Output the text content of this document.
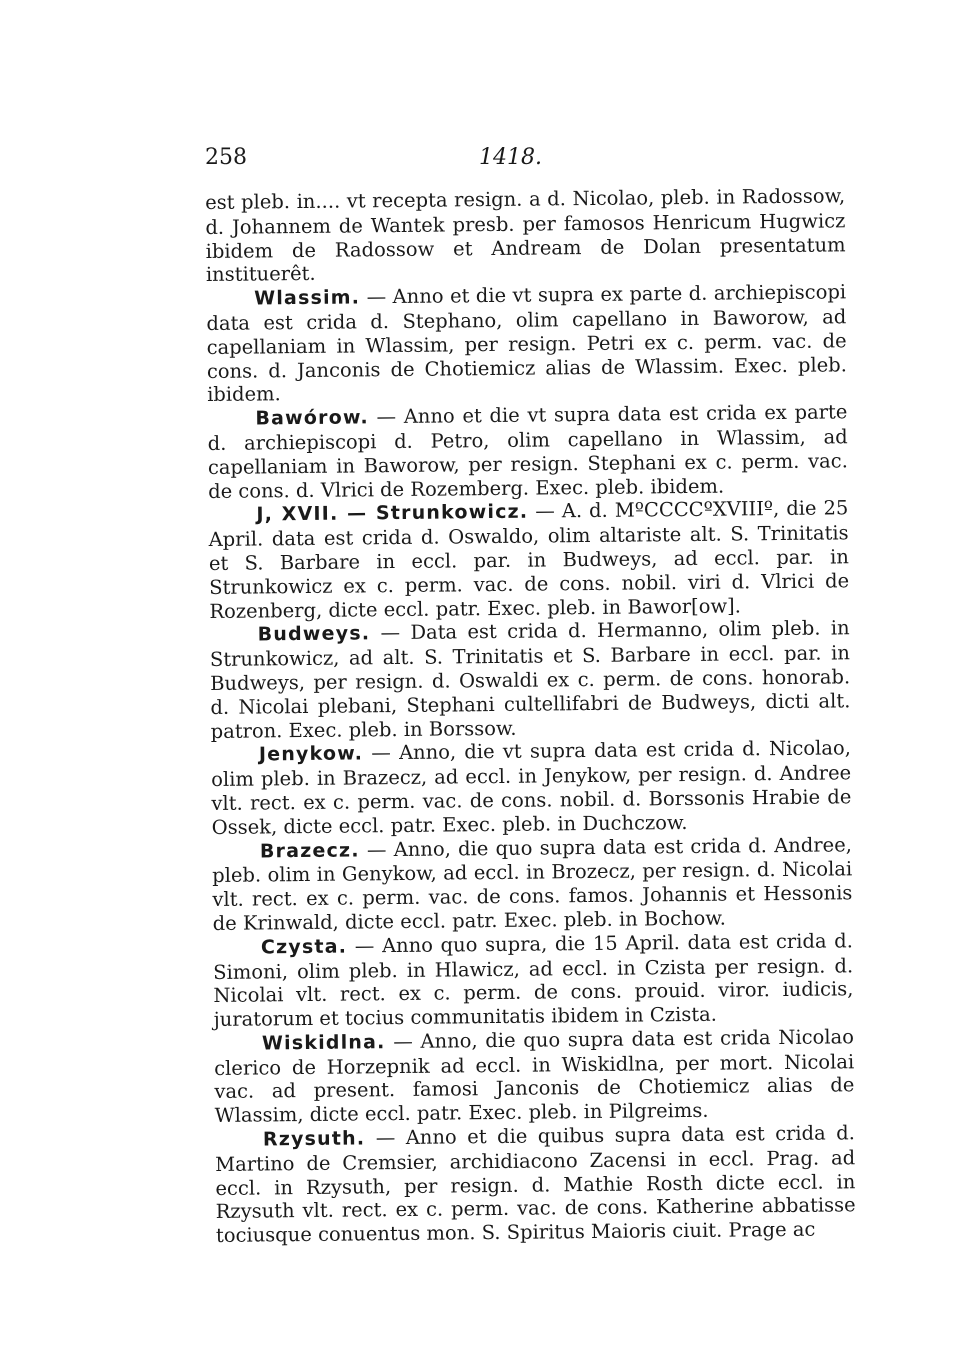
258	1418.

est pleb. in.... vt recepta resign. a d. Nicolao, pleb. in Radossow, d. Johannem de Wantek presb. per famosos Henricum Hugwicz ibidem de Radossow et Andream de Dolan presentatum instituerêt.

Wlassim. — Anno et die vt supra ex parte d. archiepiscopi data est crida d. Stephano, olim capellano in Baworow, ad capellaniam in Wlassim, per resign. Petri ex c. perm. vac. de cons. d. Janconis de Chotiemicz alias de Wlassim. Exec. pleb. ibidem.

Bawórow. — Anno et die vt supra data est crida ex parte d. archiepiscopi d. Petro, olim capellano in Wlassim, ad capellaniam in Baworow, per resign. Stephani ex c. perm. vac. de cons. d. Vlrici de Rozemberg. Exec. pleb. ibidem.

J, XVII. — Strunkowicz. — A. d. MºCCCCºXVIIIº, die 25 April. data est crida d. Oswaldo, olim altariste alt. S. Trinitatis et S. Barbare in eccl. par. in Budweys, ad eccl. par. in Strunkowicz ex c. perm. vac. de cons. nobil. viri d. Vlrici de Rozenberg, dicte eccl. patr. Exec. pleb. in Bawor[ow].

Budweys. — Data est crida d. Hermanno, olim pleb. in Strunkowicz, ad alt. S. Trinitatis et S. Barbare in eccl. par. in Budweys, per resign. d. Oswaldi ex c. perm. de cons. honorab. d. Nicolai plebani, Stephani cultellifabri de Budweys, dicti alt. patron. Exec. pleb. in Borssow.

Jenykow. — Anno, die vt supra data est crida d. Nicolao, olim pleb. in Brazecz, ad eccl. in Jenykow, per resign. d. Andree vlt. rect. ex c. perm. vac. de cons. nobil. d. Borssonis Hrabie de Ossek, dicte eccl. patr. Exec. pleb. in Duchczow.

Brazecz. — Anno, die quo supra data est crida d. Andree, pleb. olim in Genykow, ad eccl. in Brozecz, per resign. d. Nicolai vlt. rect. ex c. perm. vac. de cons. famos. Johannis et Hessonis de Krinwald, dicte eccl. patr. Exec. pleb. in Bochow.

Czysta. — Anno quo supra, die 15 April. data est crida d. Simoni, olim pleb. in Hlawicz, ad eccl. in Czista per resign. d. Nicolai vlt. rect. ex c. perm. de cons. prouid. viror. iudicis, juratorum et tocius communitatis ibidem in Czista.

Wiskidlna. — Anno, die quo supra data est crida Nicolao clerico de Horzepnik ad eccl. in Wiskidlna, per mort. Nicolai vac. ad present. famosi Janconis de Chotiemicz alias de Wlassim, dicte eccl. patr. Exec. pleb. in Pilgreims.

Rzysuth. — Anno et die quibus supra data est crida d. Martino de Cremsier, archidiacono Zacensi in eccl. Prag. ad eccl. in Rzysuth, per resign. d. Mathie Rosth dicte eccl. in Rzysuth vlt. rect. ex c. perm. vac. de cons. Katherine abbatisse tociusque conuentus mon. S. Spiritus Maioris ciuit. Prage ac
